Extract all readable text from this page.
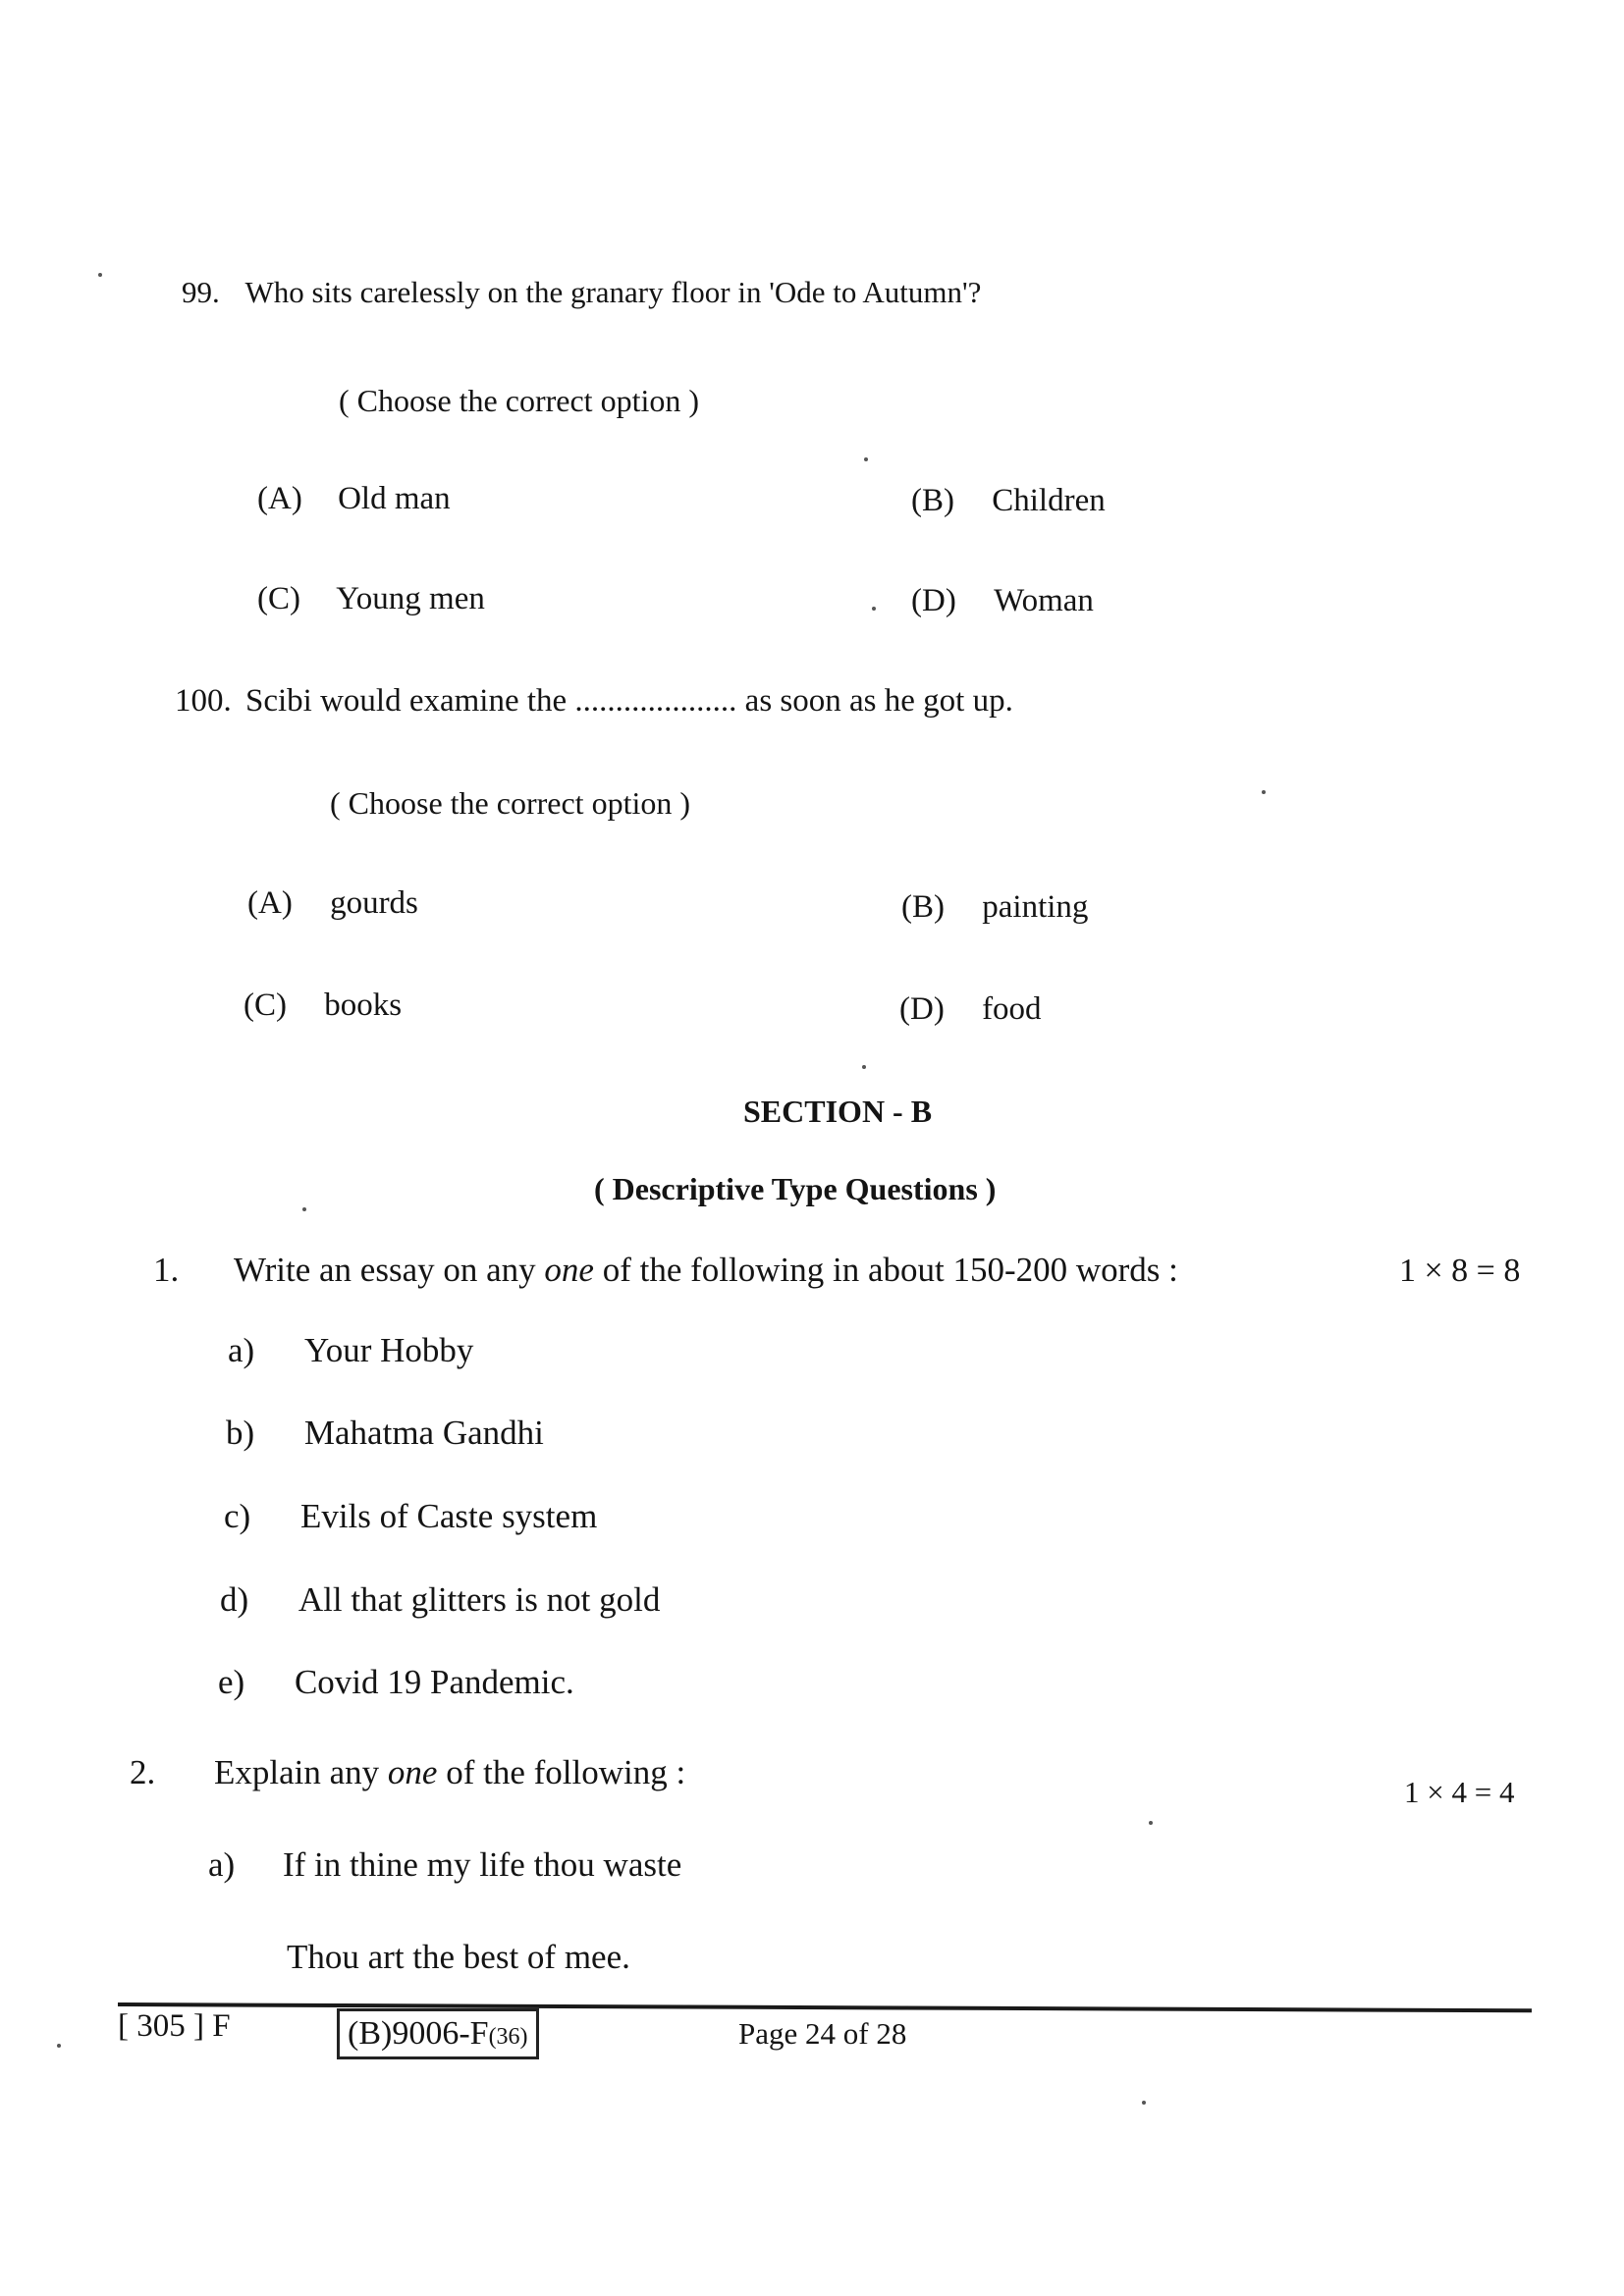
99. Who sits carelessly on the granary floor in 'Ode to Autumn'?
( Choose the correct option )
(A) Old man	(B) Children
(C) Young men	(D) Woman
100. Scibi would examine the .................... as soon as he got up.
( Choose the correct option )
(A) gourds	(B) painting
(C) books	(D) food
SECTION - B
( Descriptive Type Questions )
1. Write an essay on any one of the following in about 150-200 words :	1 × 8 = 8
a) Your Hobby
b) Mahatma Gandhi
c) Evils of Caste system
d) All that glitters is not gold
e) Covid 19 Pandemic.
2. Explain any one of the following :
1 × 4 = 4
a) If in thine my life thou waste
Thou art the best of mee.
[ 305 ] F	(B)9006-F(36)	Page 24 of 28
